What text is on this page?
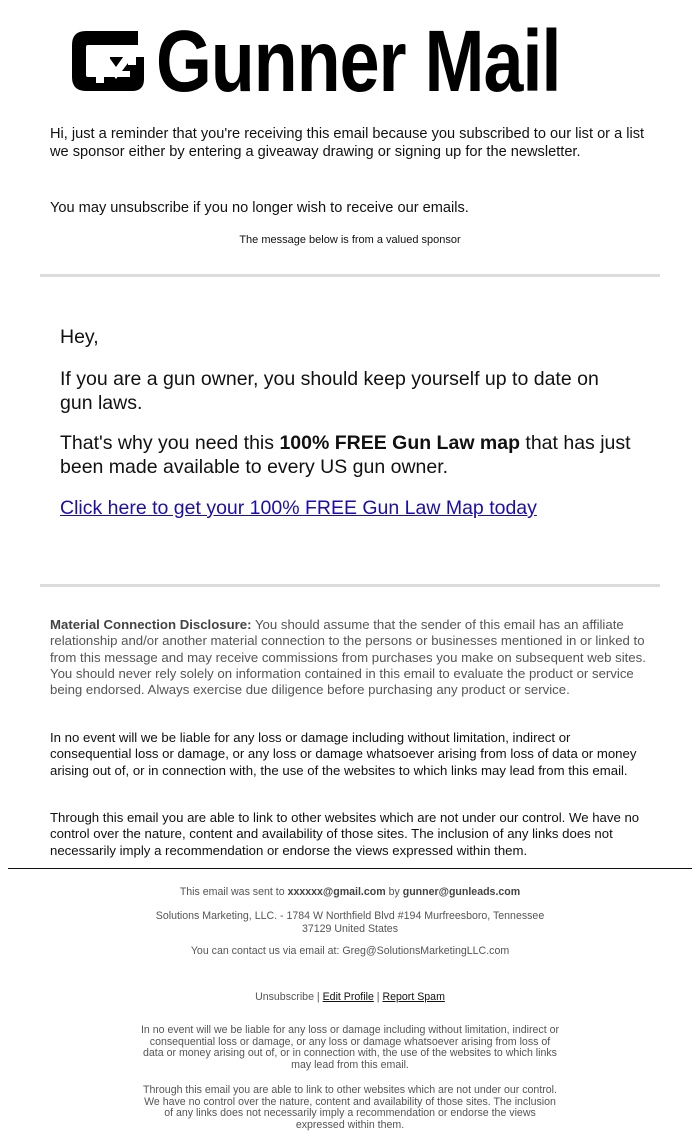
Gunner Mail
Hi, just a reminder that you're receiving this email because you subscribed to our list or a list we sponsor either by entering a giveaway drawing or signing up for the newsletter.
You may unsubscribe if you no longer wish to receive our emails.
The message below is from a valued sponsor
Hey,
If you are a gun owner, you should keep yourself up to date on gun laws.
That's why you need this 100% FREE Gun Law map that has just been made available to every US gun owner.
Click here to get your 100% FREE Gun Law Map today
Material Connection Disclosure: You should assume that the sender of this email has an affiliate relationship and/or another material connection to the persons or businesses mentioned in or linked to from this message and may receive commissions from purchases you make on subsequent web sites. You should never rely solely on information contained in this email to evaluate the product or service being endorsed. Always exercise due diligence before purchasing any product or service.
In no event will we be liable for any loss or damage including without limitation, indirect or consequential loss or damage, or any loss or damage whatsoever arising from loss of data or money arising out of, or in connection with, the use of the websites to which links may lead from this email.
Through this email you are able to link to other websites which are not under our control. We have no control over the nature, content and availability of those sites. The inclusion of any links does not necessarily imply a recommendation or endorse the views expressed within them.
This email was sent to xxxxxx@gmail.com by gunner@gunleads.com
Solutions Marketing, LLC. - 1784 W Northfield Blvd #194 Murfreesboro, Tennessee 37129 United States
You can contact us via email at: Greg@SolutionsMarketingLLC.com
Unsubscribe | Edit Profile | Report Spam
In no event will we be liable for any loss or damage including without limitation, indirect or consequential loss or damage, or any loss or damage whatsoever arising from loss of data or money arising out of, or in connection with, the use of the websites to which links may lead from this email.
Through this email you are able to link to other websites which are not under our control. We have no control over the nature, content and availability of those sites. The inclusion of any links does not necessarily imply a recommendation or endorse the views expressed within them.
